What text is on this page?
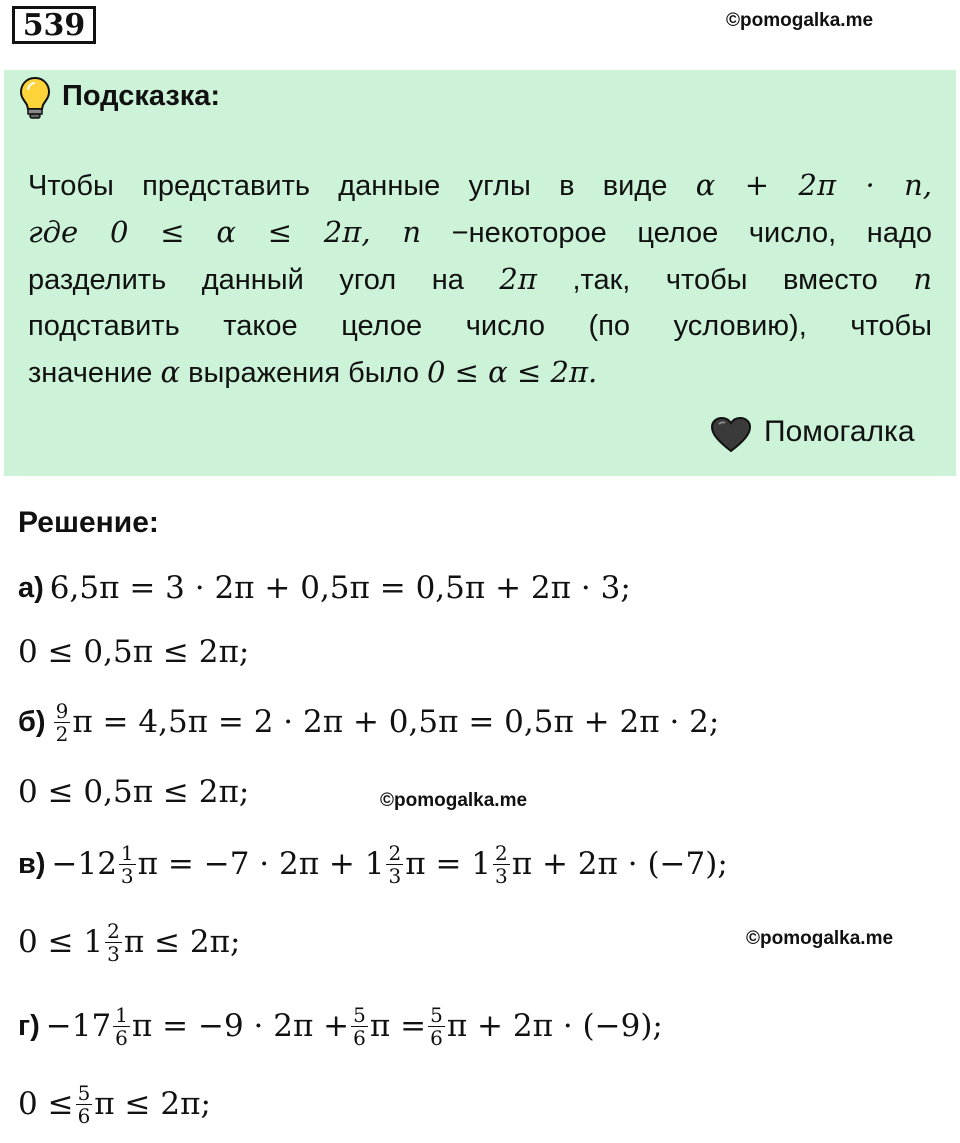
539	©pomogalka.me
Подсказка:
Чтобы представить данные углы в виде α + 2π · n,
где 0 ≤ α ≤ 2π, n −некоторое целое число, надо
разделить данный угол на 2π ,так, чтобы вместо n
подставить такое целое число (по условию), чтобы
значение α выражения было 0 ≤ α ≤ 2π.
Помогалка
Решение:
а) 6,5π = 3 · 2π + 0,5π = 0,5π + 2π · 3;
0 ≤ 0,5π ≤ 2π;
$б) \frac{9}{2}$ π = 4,5π = 2 · 2π + 0,5π = 0,5π + 2π · 2;
0 ≤ 0,5π ≤ 2π;	©pomogalka.me
$в) -12 \frac{1}{3}$ $\pi = -7 \cdot 2\pi + 1 \frac{2}{3}$ $\pi = 1 \frac{2}{3}$ π + 2π · (−7);
$0 \le 1 \frac{2}{3}$ π ≤ 2π;	©pomogalka.me
$г) -17 \frac{1}{6}$ $\pi = -9 \cdot 2\pi + \frac{5}{6}$ $\pi = \frac{5}{6}$ π + 2π · (−9);
$0 \le \frac{5}{6}$ π ≤ 2π;
